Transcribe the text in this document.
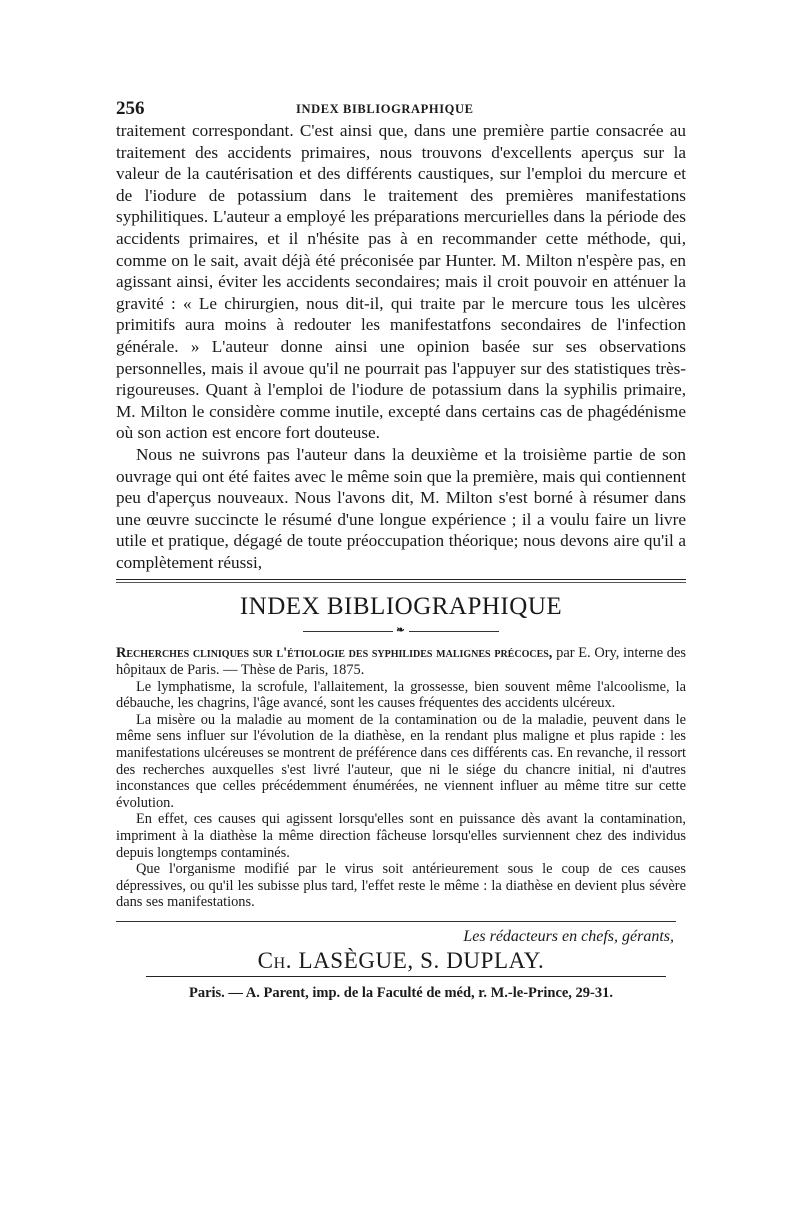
256	INDEX BIBLIOGRAPHIQUE

traitement correspondant. C'est ainsi que, dans une première partie consacrée au traitement des accidents primaires, nous trouvons d'excellents aperçus sur la valeur de la cautérisation et des différents caustiques, sur l'emploi du mercure et de l'iodure de potassium dans le traitement des premières manifestations syphilitiques. L'auteur a employé les préparations mercurielles dans la période des accidents primaires, et il n'hésite pas à en recommander cette méthode, qui, comme on le sait, avait déjà été préconisée par Hunter. M. Milton n'espère pas, en agissant ainsi, éviter les accidents secondaires; mais il croit pouvoir en atténuer la gravité : « Le chirurgien, nous dit-il, qui traite par le mercure tous les ulcères primitifs aura moins à redouter les manifestatfons secondaires de l'infection générale. » L'auteur donne ainsi une opinion basée sur ses observations personnelles, mais il avoue qu'il ne pourrait pas l'appuyer sur des statistiques très-rigoureuses. Quant à l'emploi de l'iodure de potassium dans la syphilis primaire, M. Milton le considère comme inutile, excepté dans certains cas de phagédénisme où son action est encore fort douteuse.

Nous ne suivrons pas l'auteur dans la deuxième et la troisième partie de son ouvrage qui ont été faites avec le même soin que la première, mais qui contiennent peu d'aperçus nouveaux. Nous l'avons dit, M. Milton s'est borné à résumer dans une œuvre succincte le résumé d'une longue expérience ; il a voulu faire un livre utile et pratique, dégagé de toute préoccupation théorique; nous devons aire qu'il a complètement réussi,

INDEX BIBLIOGRAPHIQUE
❧

Recherches cliniques sur l'étiologie des syphilides malignes précoces, par E. Ory, interne des hôpitaux de Paris. — Thèse de Paris, 1875.

Le lymphatisme, la scrofule, l'allaitement, la grossesse, bien souvent même l'alcoolisme, la débauche, les chagrins, l'âge avancé, sont les causes fréquentes des accidents ulcéreux.

La misère ou la maladie au moment de la contamination ou de la maladie, peuvent dans le même sens influer sur l'évolution de la diathèse, en la rendant plus maligne et plus rapide : les manifestations ulcéreuses se montrent de préférence dans ces différents cas. En revanche, il ressort des recherches auxquelles s'est livré l'auteur, que ni le siége du chancre initial, ni d'autres inconstances que celles précédemment énumérées, ne viennent influer au même titre sur cette évolution.

En effet, ces causes qui agissent lorsqu'elles sont en puissance dès avant la contamination, impriment à la diathèse la même direction fâcheuse lorsqu'elles surviennent chez des individus depuis longtemps contaminés.

Que l'organisme modifié par le virus soit antérieurement sous le coup de ces causes dépressives, ou qu'il les subisse plus tard, l'effet reste le même : la diathèse en devient plus sévère dans ses manifestations.

Les rédacteurs en chefs, gérants,
Ch. LASÈGUE, S. DUPLAY.
Paris. — A. Parent, imp. de la Faculté de méd, r. M.-le-Prince, 29-31.
